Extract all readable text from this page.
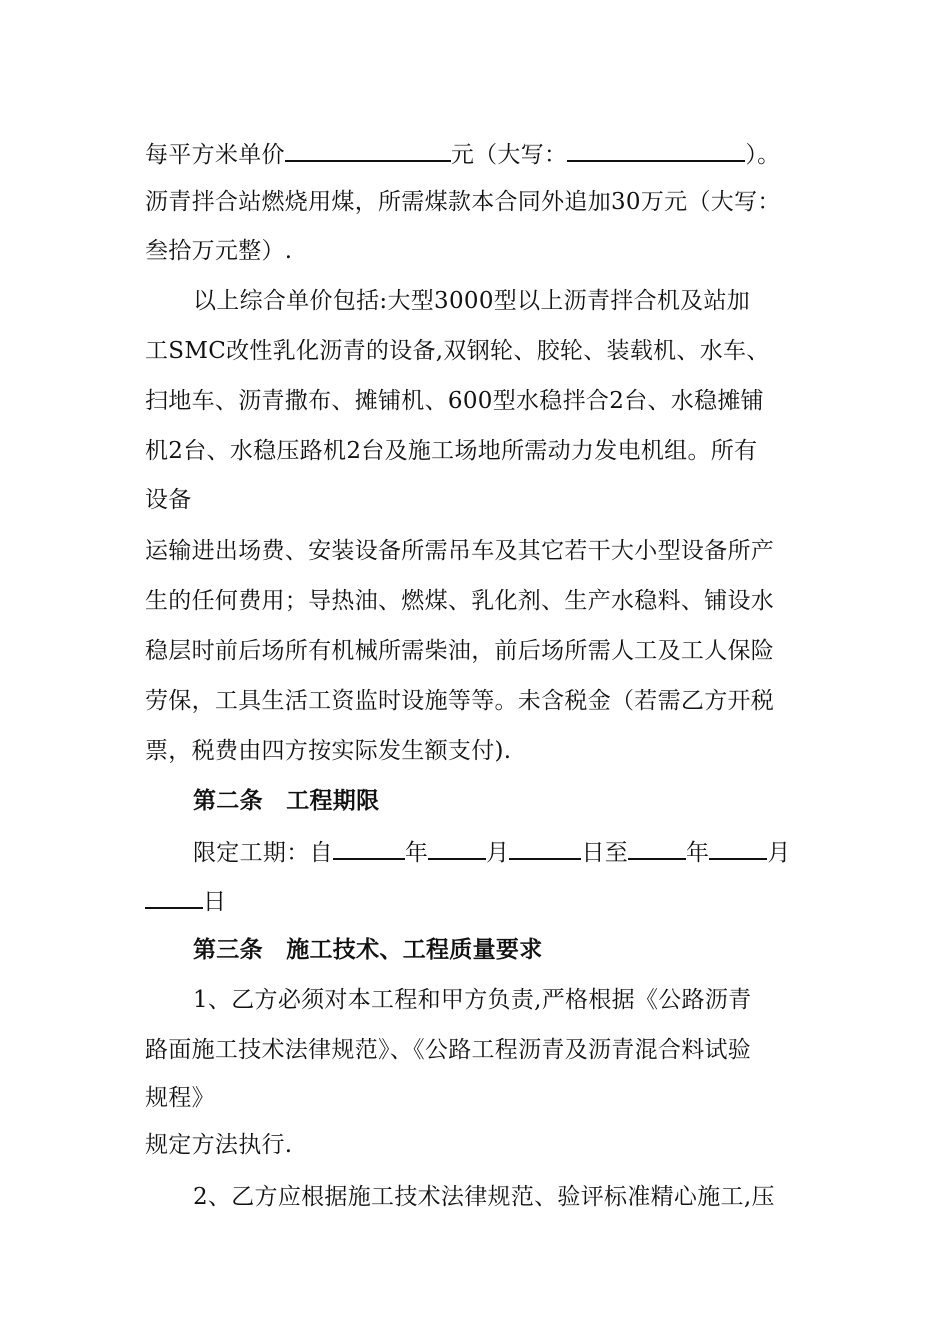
每平方米单价	元（大写：	）。
沥青拌合站燃烧用煤，所需煤款本合同外追加30万元（大写：
叁拾万元整）.
以上综合单价包括:大型3000型以上沥青拌合机及站加
工SMC改性乳化沥青的设备,双钢轮、胶轮、装载机、水车、
扫地车、沥青撒布、摊铺机、600型水稳拌合2台、水稳摊铺
机2台、水稳压路机2台及施工场地所需动力发电机组。所有
设备
运输进出场费、安装设备所需吊车及其它若干大小型设备所产
生的任何费用；导热油、燃煤、乳化剂、生产水稳料、铺设水
稳层时前后场所有机械所需柴油，前后场所需人工及工人保险
劳保，工具生活工资监时设施等等。未含税金（若需乙方开税
票，税费由四方按实际发生额支付).
第二条　工程期限
限定工期：自	年	月	日至	年	月
日
第三条　施工技术、工程质量要求
1、乙方必须对本工程和甲方负责,严格根据《公路沥青
路面施工技术法律规范》、《公路工程沥青及沥青混合料试验
规程》
规定方法执行.
2、乙方应根据施工技术法律规范、验评标准精心施工,压
